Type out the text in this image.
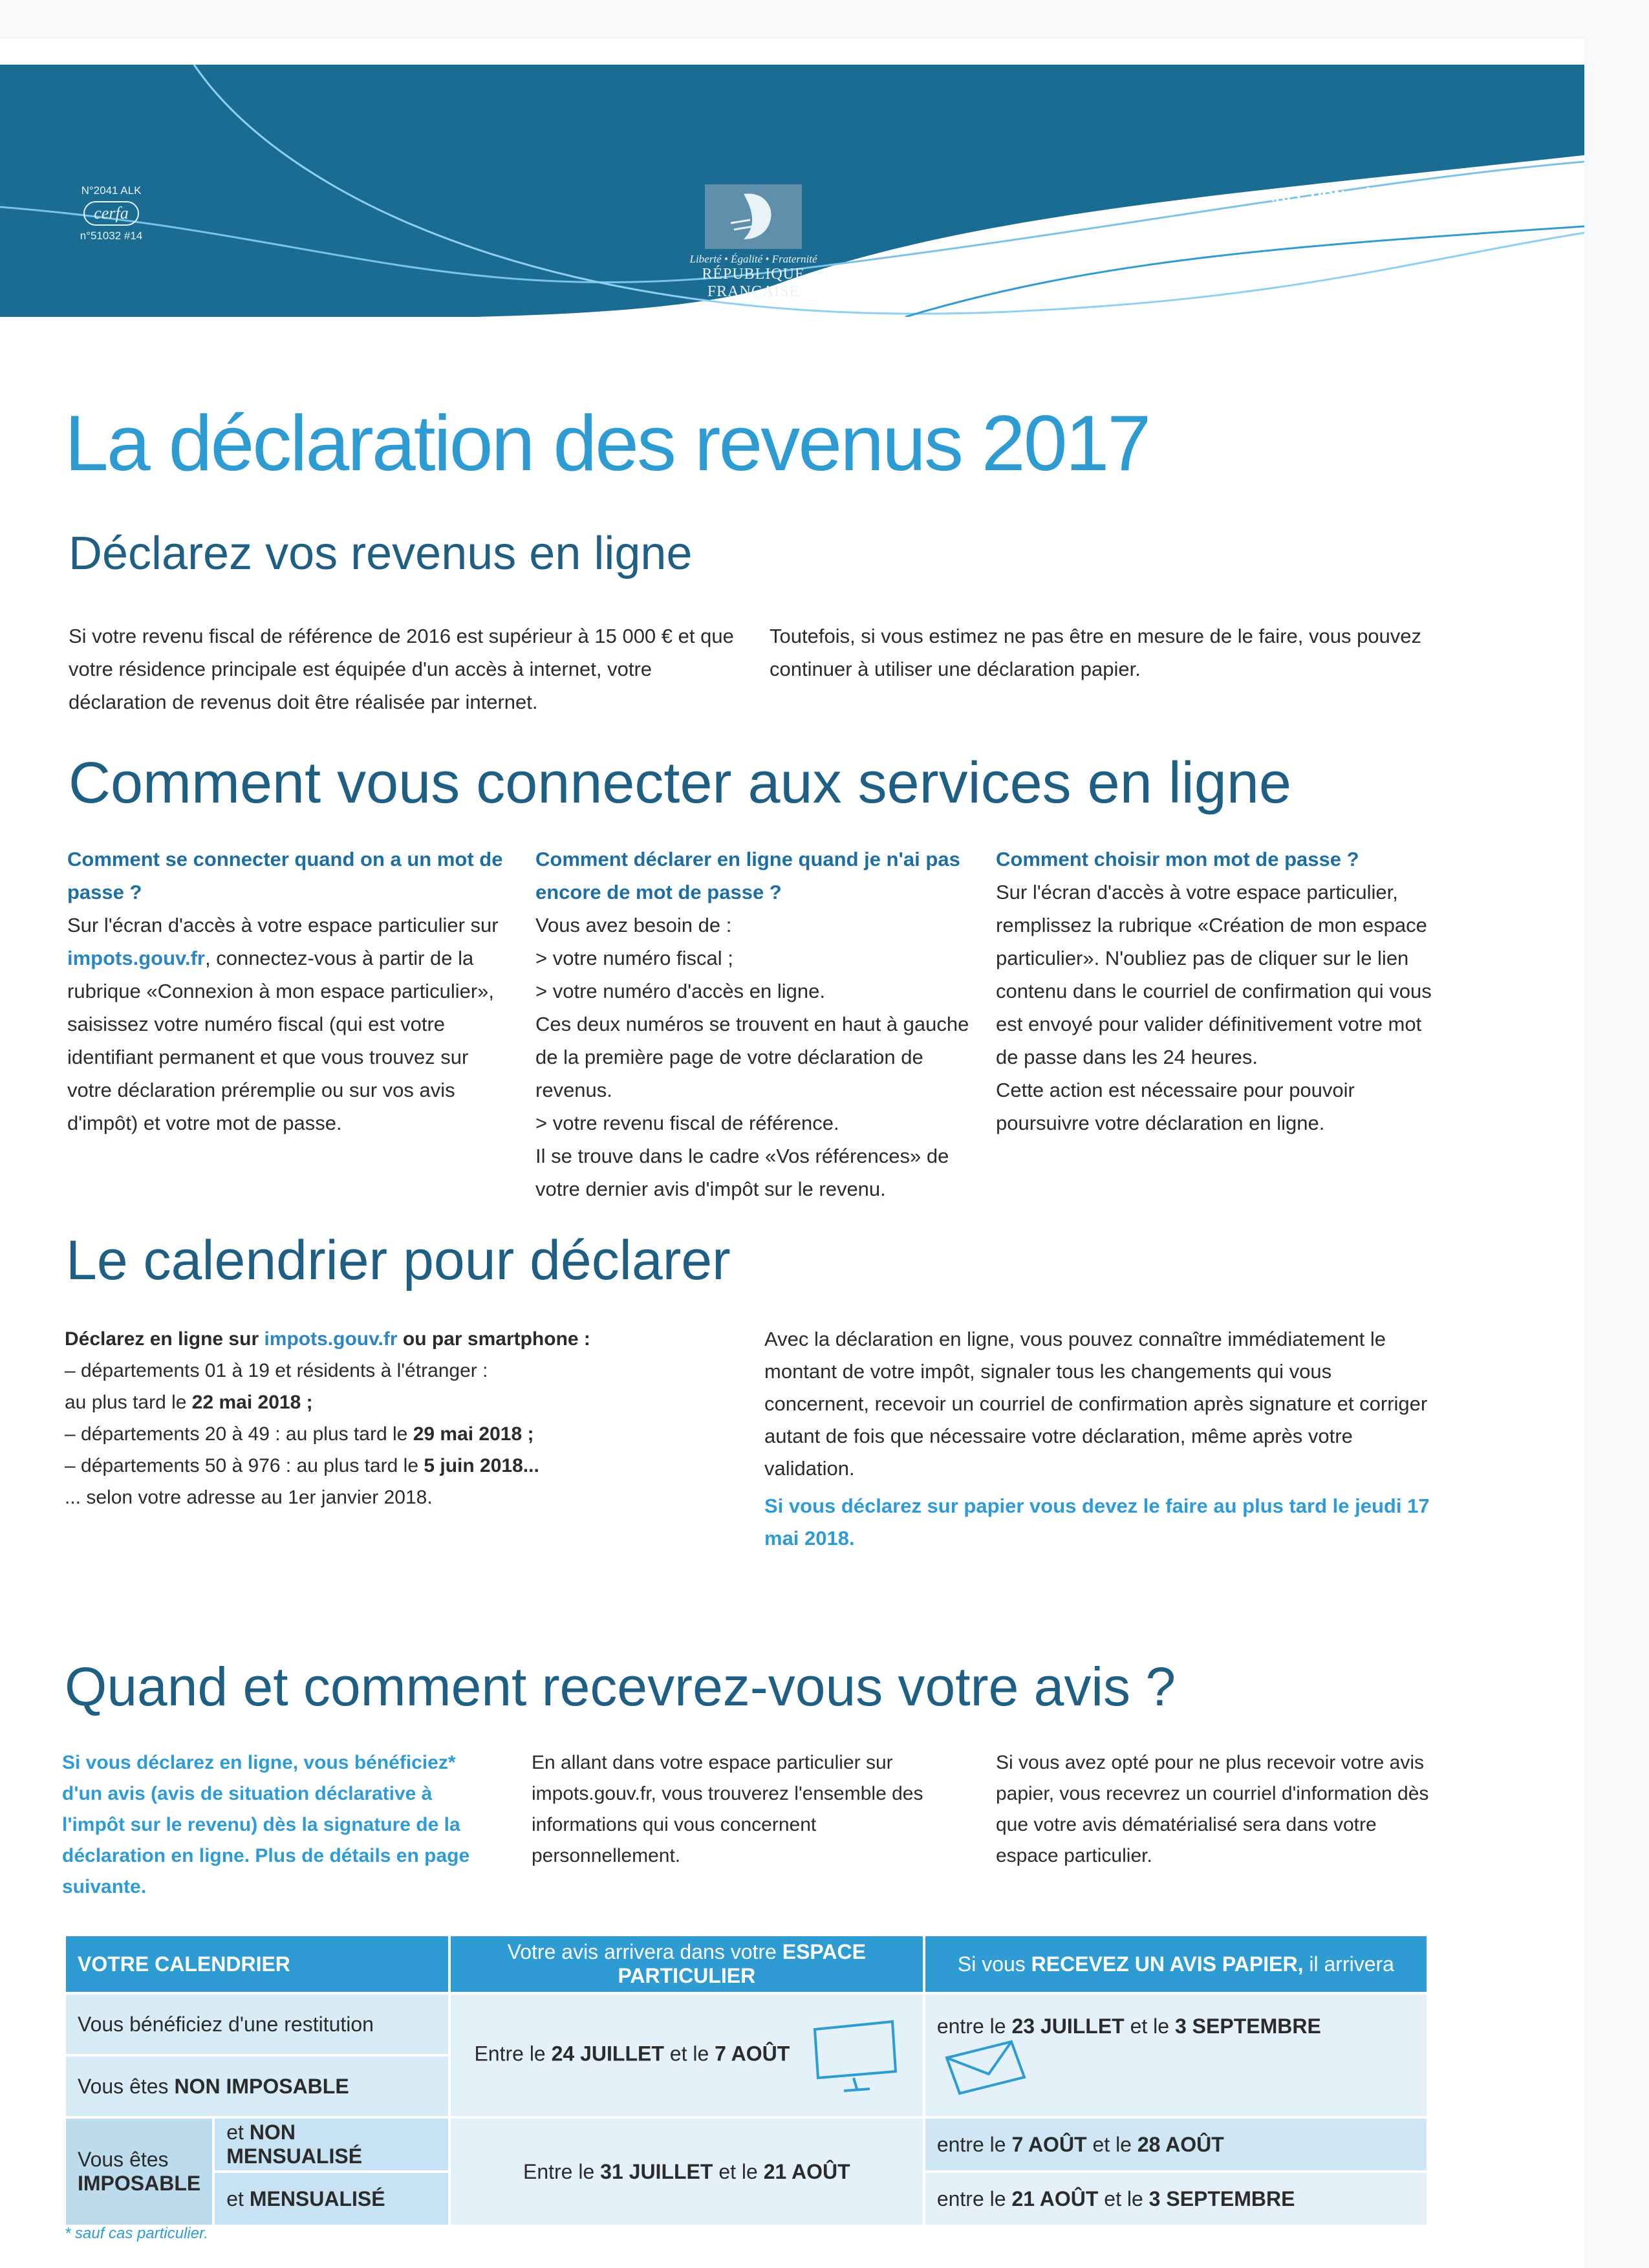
N°2041 ALK
cerfa
n°51032 #14
Liberté • Égalité • Fraternité
RÉPUBLIQUE FRANÇAISE
DIRECTION GÉNÉRALE
DES FINANCES PUBLIQUES
La déclaration des revenus 2017
Déclarez vos revenus en ligne

Si votre revenu fiscal de référence de 2016 est supérieur à 15 000 € et que votre résidence principale est équipée d'un accès à internet, votre déclaration de revenus doit être réalisée par internet.

Toutefois, si vous estimez ne pas être en mesure de le faire, vous pouvez continuer à utiliser une déclaration papier.

Comment vous connecter aux services en ligne

Comment se connecter quand on a un mot de passe ?

Sur l'écran d'accès à votre espace particulier sur impots.gouv.fr, connectez-vous à partir de la rubrique «Connexion à mon espace particulier», saisissez votre numéro fiscal (qui est votre identifiant permanent et que vous trouvez sur votre déclaration préremplie ou sur vos avis d'impôt) et votre mot de passe.

Comment déclarer en ligne quand je n'ai pas encore de mot de passe ?

Vous avez besoin de :

> votre numéro fiscal ;

> votre numéro d'accès en ligne.

Ces deux numéros se trouvent en haut à gauche de la première page de votre déclaration de revenus.

> votre revenu fiscal de référence.

Il se trouve dans le cadre «Vos références» de votre dernier avis d'impôt sur le revenu.

Comment choisir mon mot de passe ?

Sur l'écran d'accès à votre espace particulier, remplissez la rubrique «Création de mon espace particulier». N'oubliez pas de cliquer sur le lien contenu dans le courriel de confirmation qui vous est envoyé pour valider définitivement votre mot de passe dans les 24 heures.

Cette action est nécessaire pour pouvoir poursuivre votre déclaration en ligne.

Le calendrier pour déclarer

Déclarez en ligne sur impots.gouv.fr ou par smartphone :

– départements 01 à 19 et résidents à l'étranger :

au plus tard le 22 mai 2018 ;

– départements 20 à 49 : au plus tard le 29 mai 2018 ;

– départements 50 à 976 : au plus tard le 5 juin 2018...

... selon votre adresse au 1er janvier 2018.

Avec la déclaration en ligne, vous pouvez connaître immédiatement le montant de votre impôt, signaler tous les changements qui vous concernent, recevoir un courriel de confirmation après signature et corriger autant de fois que nécessaire votre déclaration, même après votre validation.

Si vous déclarez sur papier vous devez le faire au plus tard le jeudi 17 mai 2018.

Quand et comment recevrez-vous votre avis ?

Si vous déclarez en ligne, vous bénéficiez* d'un avis (avis de situation déclarative à l'impôt sur le revenu) dès la signature de la déclaration en ligne. Plus de détails en page suivante.

En allant dans votre espace particulier sur impots.gouv.fr, vous trouverez l'ensemble des informations qui vous concernent personnellement.

Si vous avez opté pour ne plus recevoir votre avis papier, vous recevrez un courriel d'information dès que votre avis dématérialisé sera dans votre espace particulier.

VOTRE CALENDRIER		Votre avis arrivera dans votre ESPACE PARTICULIER	Si vous RECEVEZ UN AVIS PAPIER, il arrivera
Vous bénéficiez d'une restitution		Entre le 24 JUILLET et le 7 AOÛT	entre le 23 JUILLET et le 3 SEPTEMBRE
Vous êtes NON IMPOSABLE			
Vous êtes
IMPOSABLE	et NON MENSUALISÉ	Entre le 31 JUILLET et le 21 AOÛT	entre le 7 AOÛT et le 28 AOÛT
	et MENSUALISÉ		entre le 21 AOÛT et le 3 SEPTEMBRE
* sauf cas particulier.
